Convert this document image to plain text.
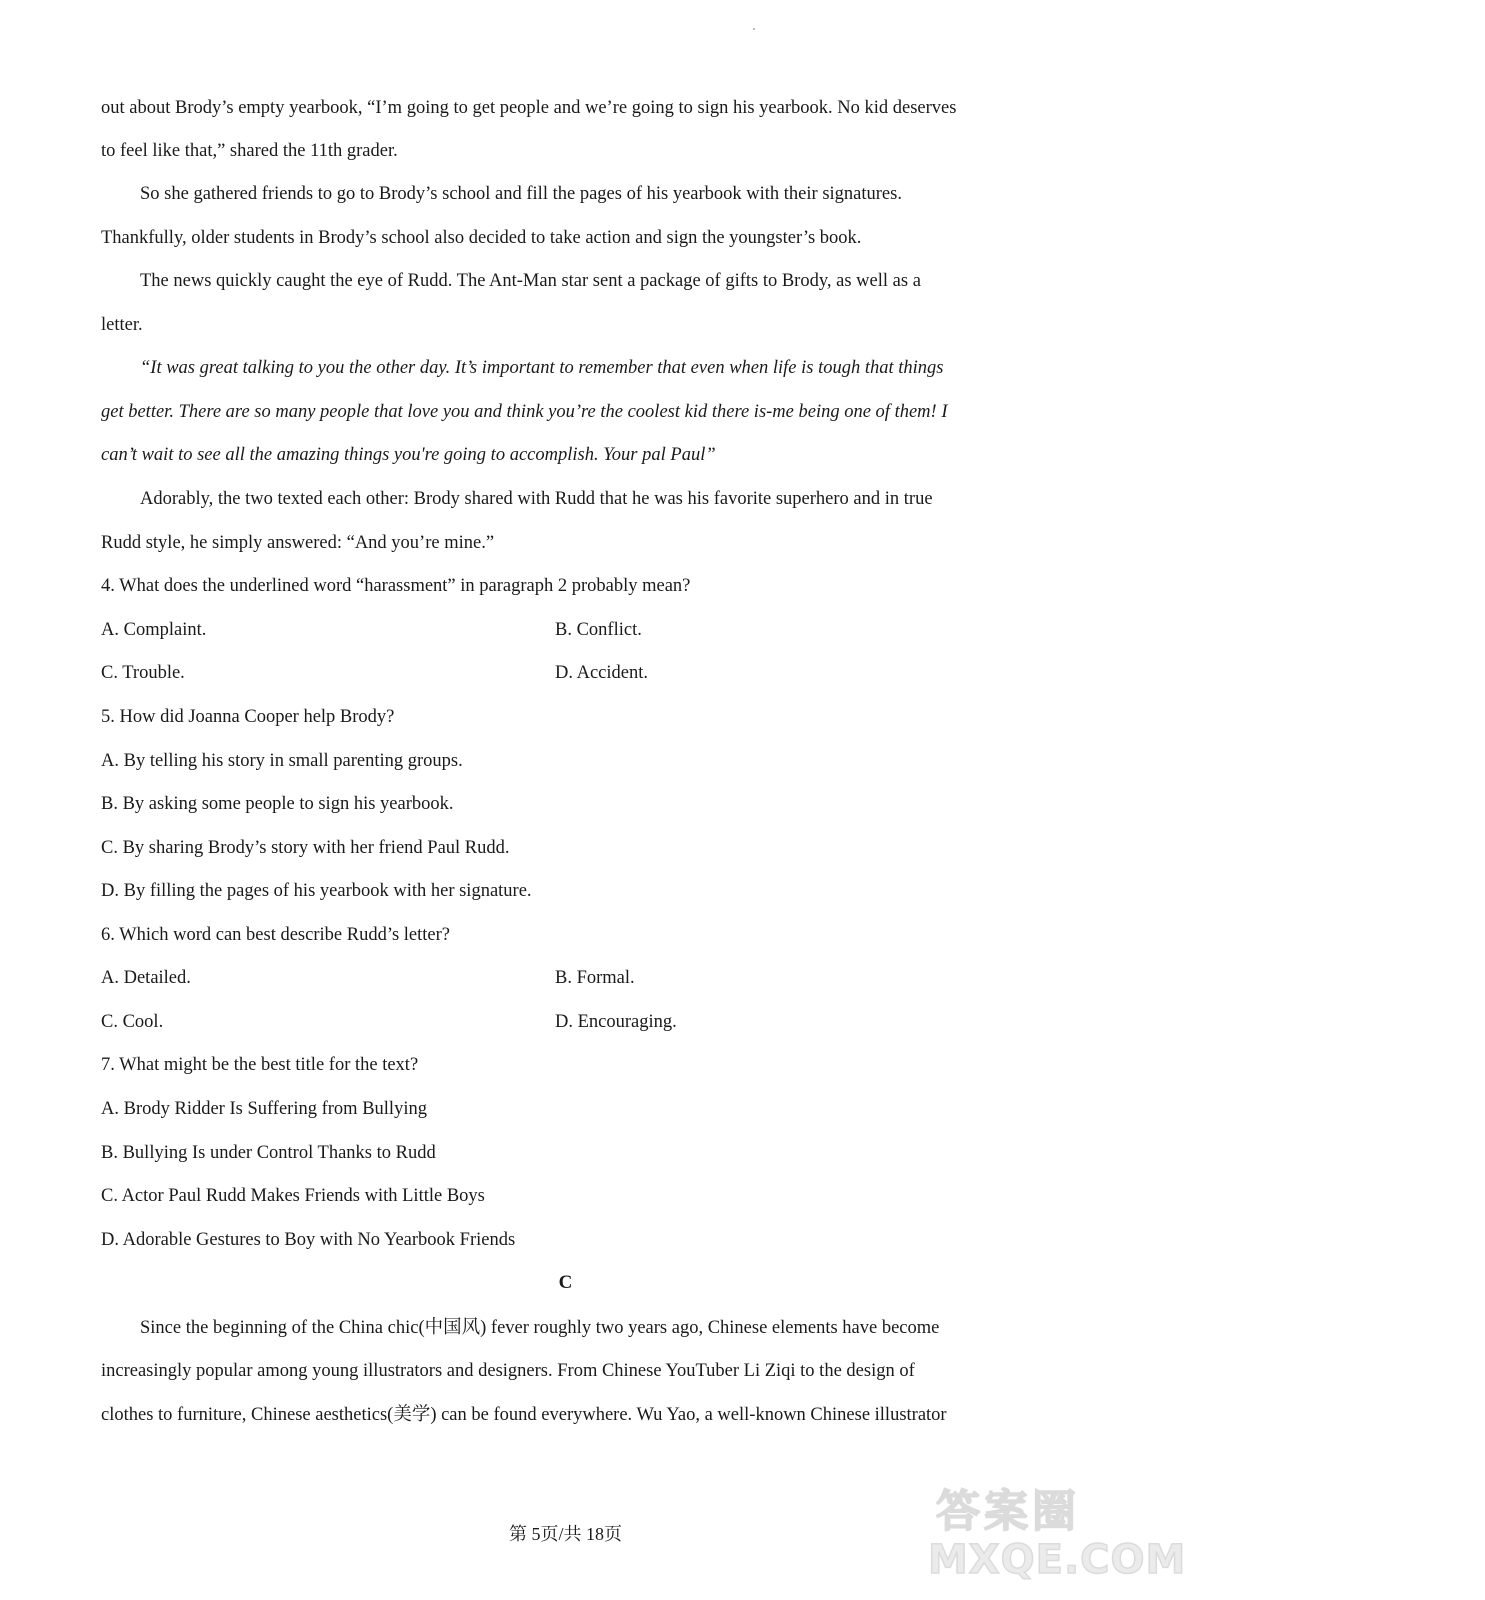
out about Brody’s empty yearbook, “I’m going to get people and we’re going to sign his yearbook. No kid deserves
to feel like that,” shared the 11th grader.
So she gathered friends to go to Brody’s school and fill the pages of his yearbook with their signatures.
Thankfully, older students in Brody’s school also decided to take action and sign the youngster’s book.
The news quickly caught the eye of Rudd. The Ant-Man star sent a package of gifts to Brody, as well as a
letter.
“It was great talking to you the other day. It’s important to remember that even when life is tough that things
get better. There are so many people that love you and think you’re the coolest kid there is-me being one of them! I
can’t wait to see all the amazing things you're going to accomplish. Your pal Paul”
Adorably, the two texted each other: Brody shared with Rudd that he was his favorite superhero and in true
Rudd style, he simply answered: “And you’re mine.”
4. What does the underlined word “harassment” in paragraph 2 probably mean?
A. Complaint.	B. Conflict.
C. Trouble.	D. Accident.
5. How did Joanna Cooper help Brody?
A. By telling his story in small parenting groups.
B. By asking some people to sign his yearbook.
C. By sharing Brody’s story with her friend Paul Rudd.
D. By filling the pages of his yearbook with her signature.
6. Which word can best describe Rudd’s letter?
A. Detailed.	B. Formal.
C. Cool.	D. Encouraging.
7. What might be the best title for the text?
A. Brody Ridder Is Suffering from Bullying
B. Bullying Is under Control Thanks to Rudd
C. Actor Paul Rudd Makes Friends with Little Boys
D. Adorable Gestures to Boy with No Yearbook Friends
C
Since the beginning of the China chic(中国风) fever roughly two years ago, Chinese elements have become
increasingly popular among young illustrators and designers. From Chinese YouTuber Li Ziqi to the design of
clothes to furniture, Chinese aesthetics(美学) can be found everywhere. Wu Yao, a well-known Chinese illustrator
第 5页/共 18页	答案圈
MXQE.COM
